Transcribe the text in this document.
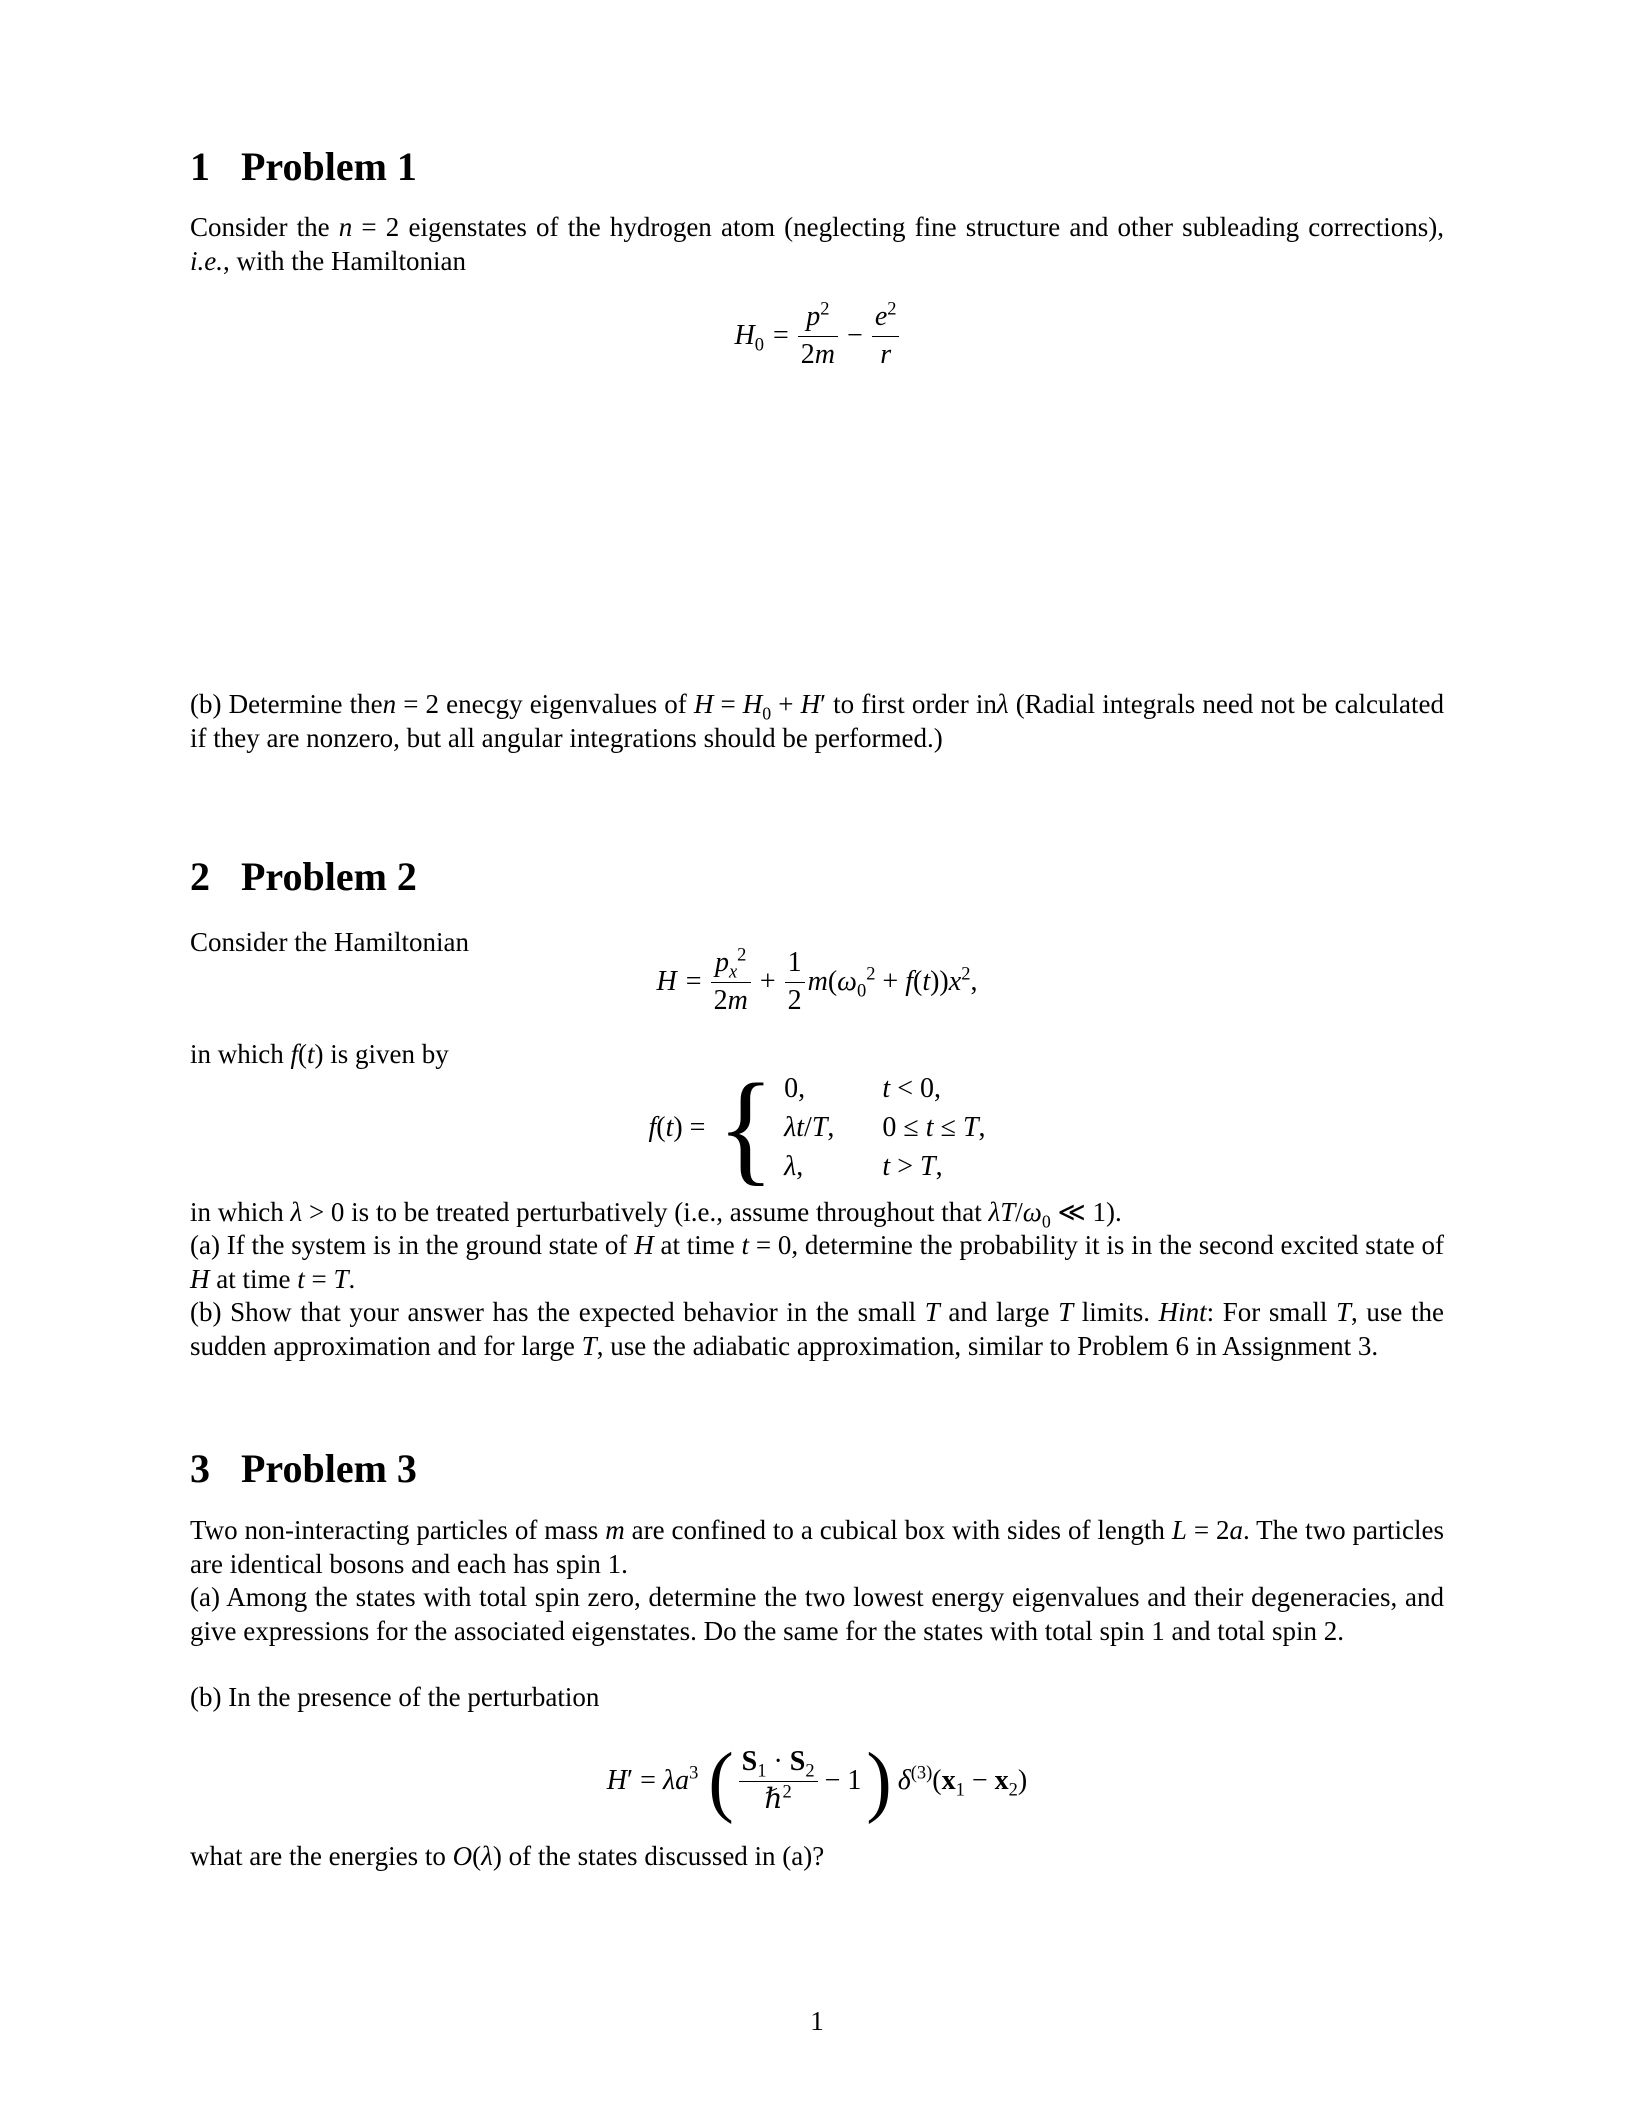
1 Problem 1
Consider the n = 2 eigenstates of the hydrogen atom (neglecting fine structure and other subleading corrections), i.e., with the Hamiltonian
$H_0 = \frac{p^2}{2m} - \frac{e^2}{r}$
(b) Determine then = 2 enecgy eigenvalues of $H = H_0 + H'$ to first order inλ (Radial integrals need not be calculated if they are nonzero, but all angular integrations should be performed.)
2 Problem 2
Consider the Hamiltonian
$H = \frac{p_x^2}{2m} + \frac{1}{2} m(\omega_0^2 + f(t))x^2$,
in which f(t) is given by
f(t) = { 0,	t < 0,
λt/T, 0 ≤ t ≤ T,
λ,	t > T,
in which λ > 0 is to be treated perturbatively (i.e., assume throughout that $\lambda T/\omega_0$ ≪ 1).
(a) If the system is in the ground state of H at time t = 0, determine the probability it is in the second excited state of H at time t = T.
(b) Show that your answer has the expected behavior in the small T and large T limits. Hint: For small T, use the sudden approximation and for large T, use the adiabatic approximation, similar to Problem 6 in Assignment 3.
3 Problem 3
Two non-interacting particles of mass m are confined to a cubical box with sides of length L = 2a. The two particles are identical bosons and each has spin 1.
(a) Among the states with total spin zero, determine the two lowest energy eigenvalues and their degeneracies, and give expressions for the associated eigenstates. Do the same for the states with total spin 1 and total spin 2.
(b) In the presence of the perturbation
$H' = \lambda a^3$ ( $\frac{S_1 \cdot S_2}{\hbar^2} - 1$ ) $\delta^{(3)}(x_1 - x_2)$
what are the energies to O(λ) of the states discussed in (a)?
1
